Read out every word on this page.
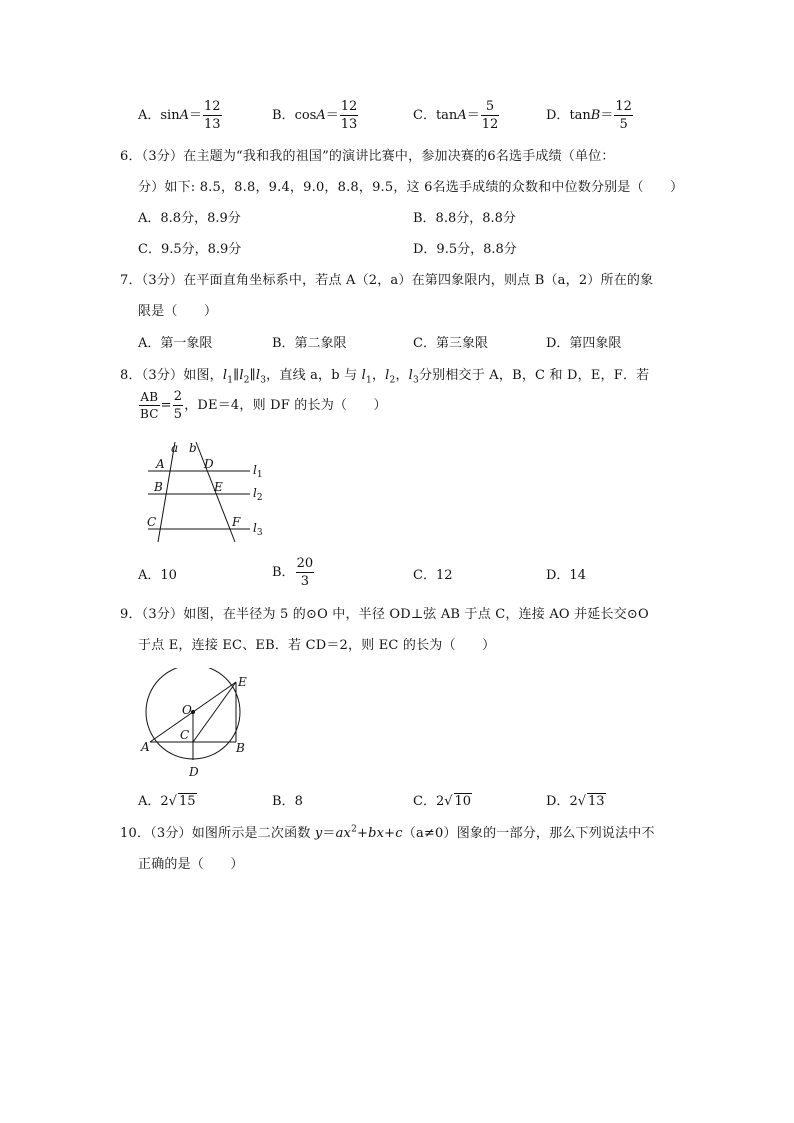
A．$\sin A= \frac{12}{13}$	B．$\cos A= \frac{12}{13}$	C．$\tan A= \frac{5}{12}$	D．$\tan B= \frac{12}{5}$
6．（3分）在主题为“我和我的祖国”的演讲比赛中，参加决赛的6名选手成绩（单位：
分）如下: 8.5，8.8，9.4，9.0，8.8，9.5，这 6名选手成绩的众数和中位数分别是（　　）
A．8.8分，8.9分	B．8.8分，8.8分
C．9.5分，8.9分	D．9.5分，8.8分
7．（3分）在平面直角坐标系中，若点 A（2，a）在第四象限内，则点 B（a，2）所在的象
限是（　　）
A．第一象限	B．第二象限	C．第三象限	D．第四象限
8．（3分）如图，$l_1\parallel l_2\parallel l_3$，直线 a，b 与 $l_1$，$l_2$，$l_3$分别相交于 A，B，C 和 D，E，F．若
$\frac{AB}{BC} = \frac{2}{5}$ ，DE＝4，则 DF 的长为（　　）
a b
A
B
C
D
E
F
$l_1$
$l_2$
$l_3$
A．10	B． $\frac{20}{3}$	C．12	D．14
9．（3分）如图，在半径为 5 的⊙O 中，半径 OD⊥弦 AB 于点 C，连接 AO 并延长交⊙O
于点 E，连接 EC、EB．若 CD＝2，则 EC 的长为（　　）
O
C
A	B
D
E
A．2√ 15	B．8	C．2√ 10	D．2√ 13
10．（3分）如图所示是二次函数 $y=ax^2+bx+c(a\ne 0)$图象的一部分，那么下列说法中不
正确的是（　　）
